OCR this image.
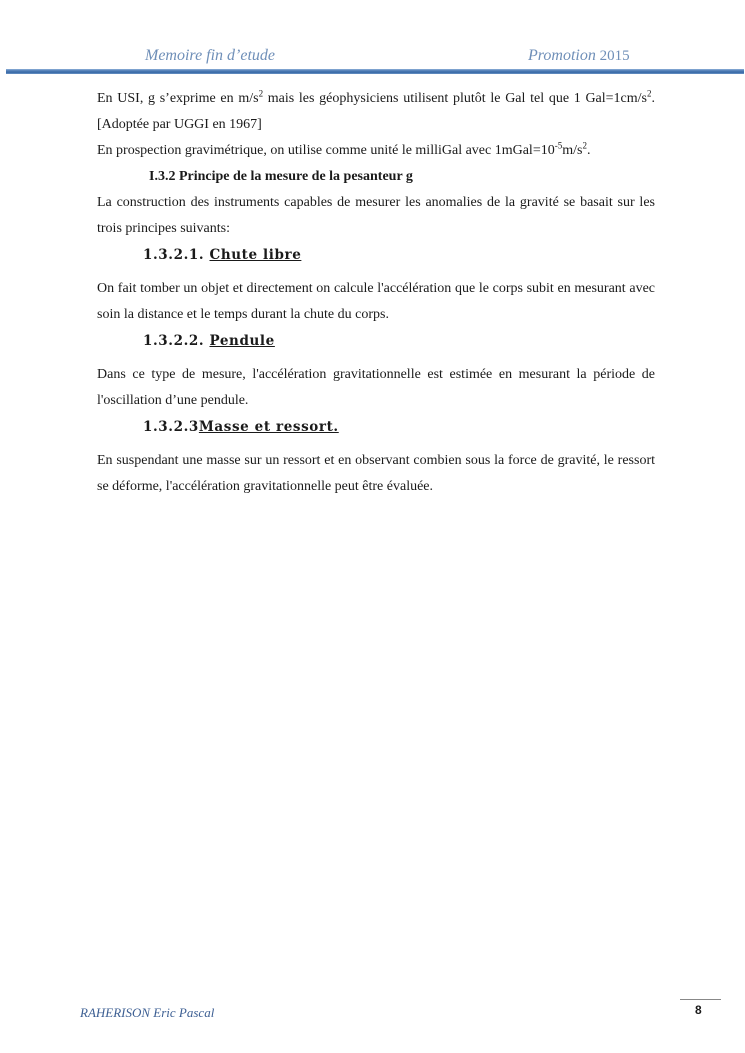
Memoire fin d’etude	Promotion 2015

En USI, g s’exprime en $m/s^2$ mais les géophysiciens utilisent plutôt le Gal tel que 1 $Gal=1cm/s^2.[Adoptée$ par UGGI en 1967]

En prospection gravimétrique, on utilise comme unité le milliGal avec $1mGal=10^{-5}m/s^2$.

I.3.2 Principe de la mesure de la pesanteur g

La construction des instruments capables de mesurer les anomalies de la gravité se basait sur les trois principes suivants:

1.3.2.1. Chute libre

On fait tomber un objet et directement on calcule l'accélération que le corps subit en mesurant avec soin la distance et le temps durant la chute du corps.

1.3.2.2. Pendule

Dans ce type de mesure, l'accélération gravitationnelle est estimée en mesurant la période de l'oscillation d’une pendule.

1.3.2.3Masse et ressort.

En suspendant une masse sur un ressort et en observant combien sous la force de gravité, le ressort se déforme, l'accélération gravitationnelle peut être évaluée.

8
RAHERISON Eric Pascal
